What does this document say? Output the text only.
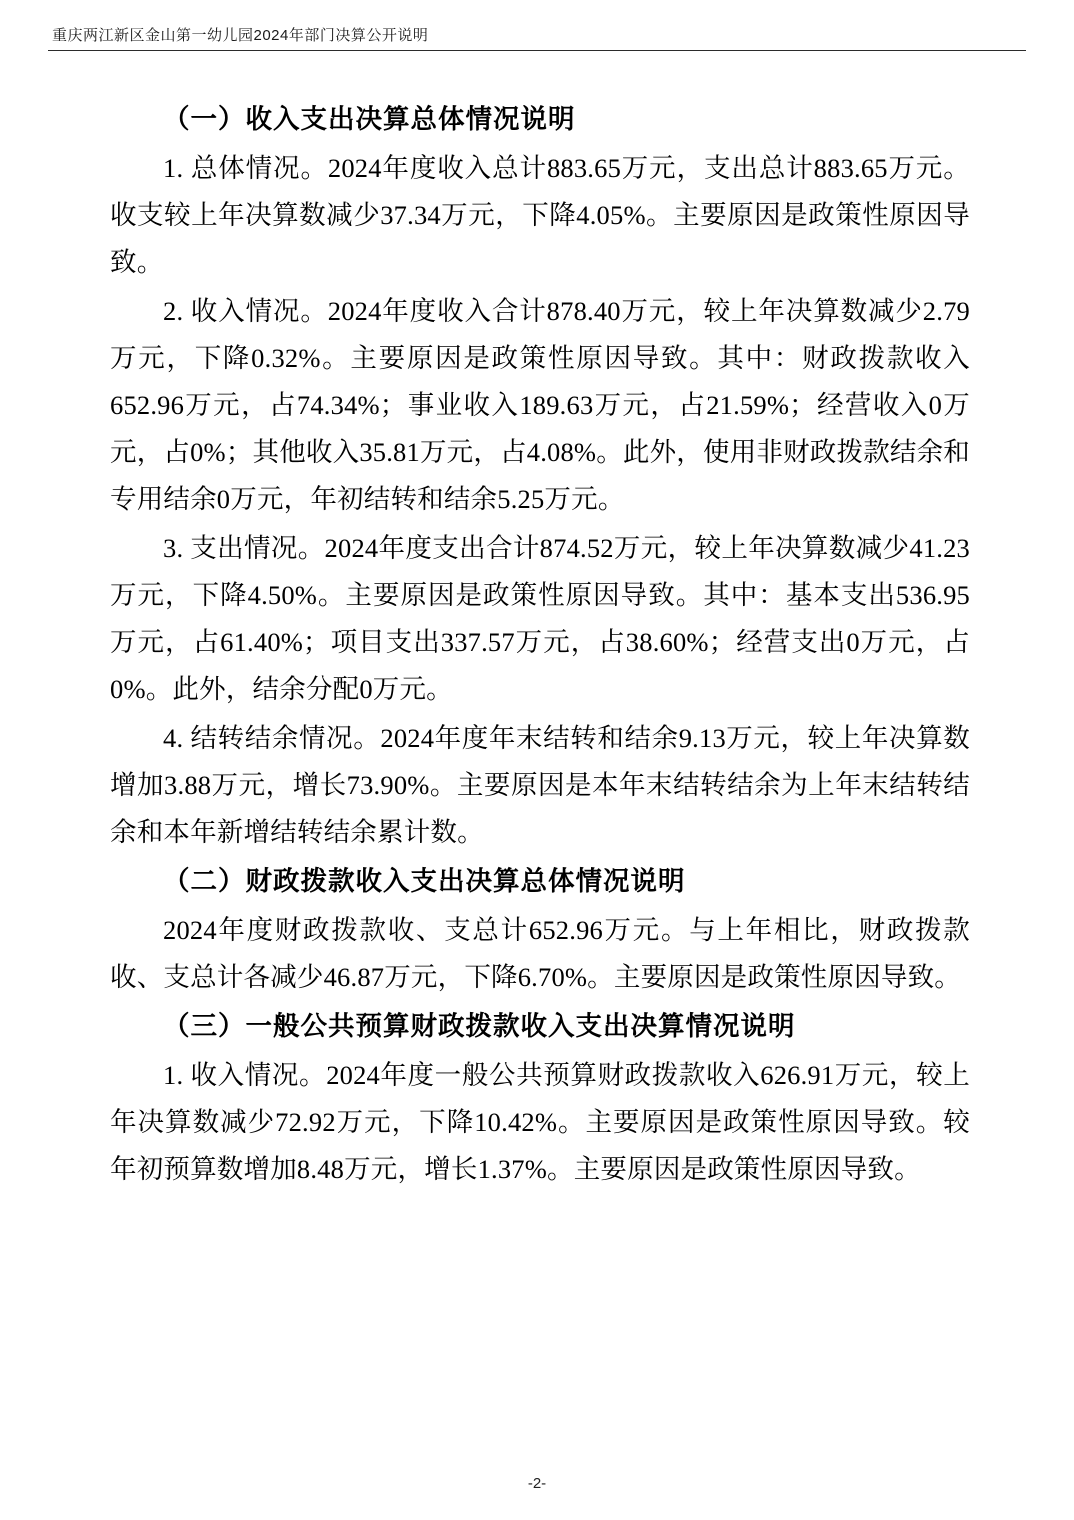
重庆两江新区金山第一幼儿园2024年部门决算公开说明

（一）收入支出决算总体情况说明

1. 总体情况。2024年度收入总计883.65万元，支出总计883.65万元。收支较上年决算数减少37.34万元，下降4.05%。主要原因是政策性原因导致。

2. 收入情况。2024年度收入合计878.40万元，较上年决算数减少2.79万元，下降0.32%。主要原因是政策性原因导致。其中：财政拨款收入652.96万元，占74.34%；事业收入189.63万元，占21.59%；经营收入0万元，占0%；其他收入35.81万元，占4.08%。此外，使用非财政拨款结余和专用结余0万元，年初结转和结余5.25万元。

3. 支出情况。2024年度支出合计874.52万元，较上年决算数减少41.23万元，下降4.50%。主要原因是政策性原因导致。其中：基本支出536.95万元，占61.40%；项目支出337.57万元，占38.60%；经营支出0万元，占0%。此外，结余分配0万元。

4. 结转结余情况。2024年度年末结转和结余9.13万元，较上年决算数增加3.88万元，增长73.90%。主要原因是本年末结转结余为上年末结转结余和本年新增结转结余累计数。

（二）财政拨款收入支出决算总体情况说明

2024年度财政拨款收、支总计652.96万元。与上年相比，财政拨款收、支总计各减少46.87万元，下降6.70%。主要原因是政策性原因导致。

（三）一般公共预算财政拨款收入支出决算情况说明

1. 收入情况。2024年度一般公共预算财政拨款收入626.91万元，较上年决算数减少72.92万元，下降10.42%。主要原因是政策性原因导致。较年初预算数增加8.48万元，增长1.37%。主要原因是政策性原因导致。

-2-
